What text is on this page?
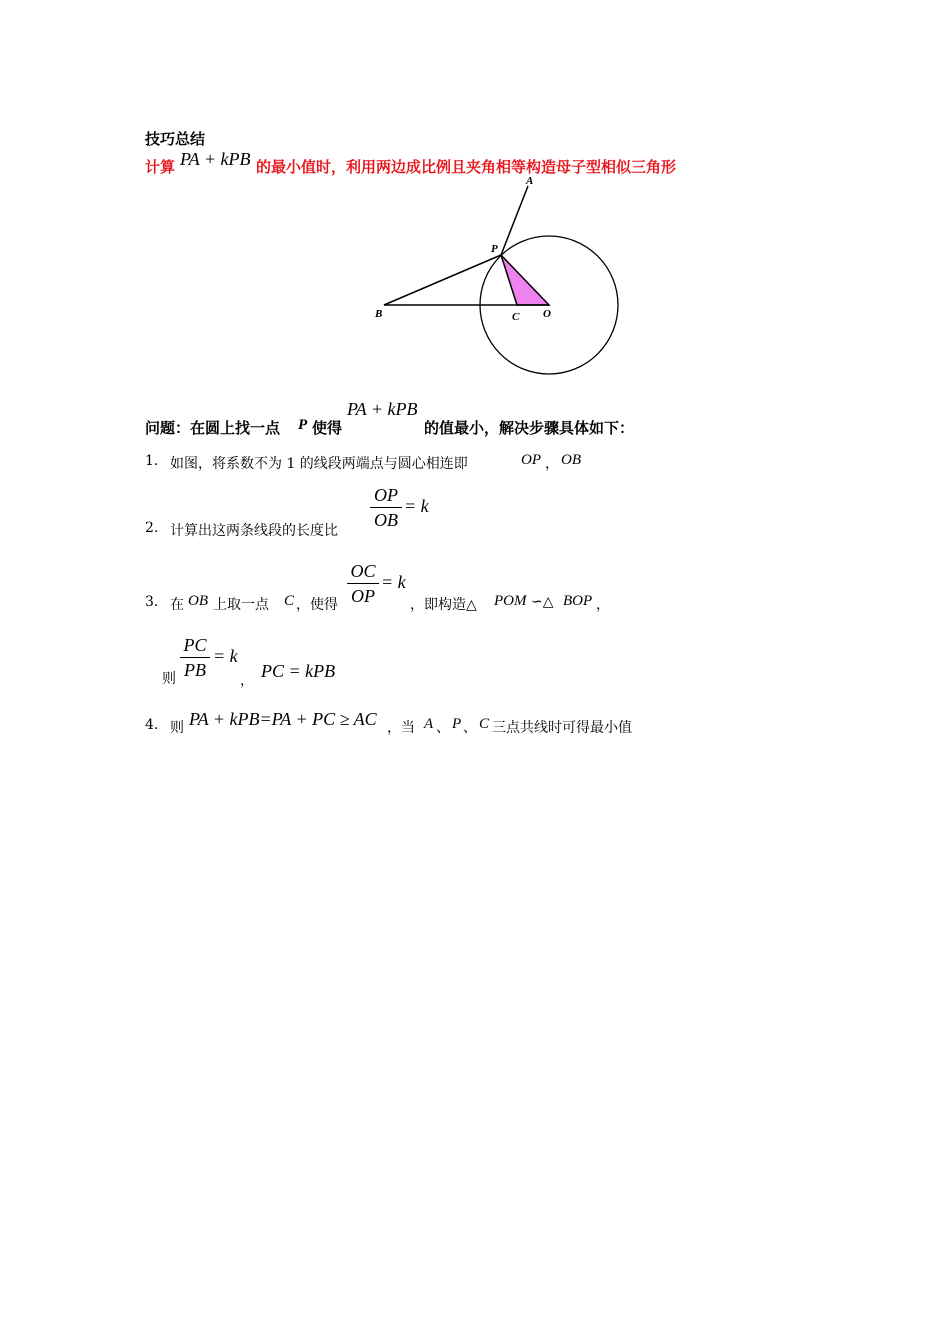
技巧总结
计算 PA + kPB 的最小值时，利用两边成比例且夹角相等构造母子型相似三角形
A
P
B	C O
问题：在圆上找一点 P 使得
PA + kPB
的值最小，解决步骤具体如下：
1. 如图，将系数不为 1 的线段两端点与圆心相连即	OP ， OB
2. 计算出这两条线段的长度比
OP
OB
= k
3. 在 OB 上取一点 C ，使得
OC
OP
= k
，即构造△ POM ∽△ BOP ，
则
PC
PB
= k
， PC = kPB
4. 则 PA + kPB=PA + PC ≥ AC ，当 A 、 P 、 C 三点共线时可得最小值
